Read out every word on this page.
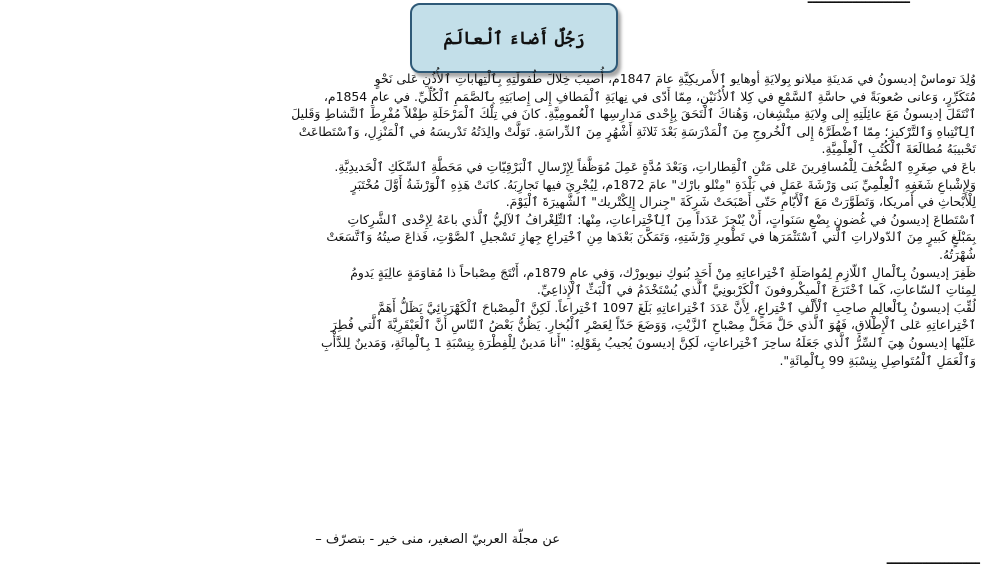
رَجُلٌ أَضاءَ ٱلْعالَمَ
وُلِدَ توماسْ إديسونُ في مَدينَةِ ميلانو بِولايَةِ أوهايو ٱلأَمريكِيَّةِ عامَ 1847م، أُصيبَ خِلالَ طُفولَتِهِ بِٱلْتِهاباتِ ٱلأُذُنِ عَلى نَحْوٍ
مُتَكَرِّرٍ، وَعانى صُعوبَةً في حاسَّةِ ٱلسَّمْعِ في كِلا ٱلأُذُنَيْنِ، مِمّا أَدّى في نِهايَةِ ٱلْمَطافِ إِلى إِصابَتِهِ بِٱلصَّمَمِ ٱلْكُلِّيِّ. في عامِ 1854م،
ٱنْتَقَلَ إديسونُ مَعَ عائِلَتِهِ إِلى وِلايَةِ ميتْشِغان، وَهُناكَ ٱلْتَحَقَ بِإِحْدى مَدارِسِها ٱلْعُمومِيَّةِ. كانَ في تِلْكَ ٱلْمَرْحَلَةِ طِفْلاً مُفْرِطَ ٱلنَّشاطِ وَقَليلَ
ٱلِٱنْتِباهِ وَٱلتَّرْكيزِ؛ مِمّا ٱضْطَرَّهُ إِلى ٱلْخُروجِ مِنَ ٱلْمَدْرَسَةِ بَعْدَ ثَلاثَةِ أَشْهُرٍ مِنَ ٱلدِّراسَةِ. تَوَلَّتْ والِدَتُهُ تَدْريسَهُ في ٱلْمَنْزِلِ، وَٱسْتَطاعَتْ
تَحْبيبَهُ مُطالَعَةَ ٱلْكُتُبِ ٱلْعِلْمِيَّةِ.
باعَ في صِغَرِهِ ٱلصُّحُفَ لِلْمُسافِرينَ عَلى مَتْنِ ٱلْقِطاراتِ، وَبَعْدَ مُدَّةٍ عَمِلَ مُوَظَّفاً لِإِرْسالِ ٱلْبَرْقِيّاتِ في مَحَطَّةِ ٱلسِّكَكِ ٱلْحَديدِيَّةِ.
وَلِإِشْباعِ شَغَفِهِ ٱلْعِلْمِيِّ بَنى وَرْشَةَ عَمَلٍ في بَلْدَةِ "مِنْلو بارْك" عامَ 1872م، لِيُجْرِيَ فيها تَجارِبَهُ. كانَتْ هَذِهِ ٱلْوَرْشَةُ أَوَّلَ مُخْتَبَرٍ
لِلْأَبْحاثِ في أَمريكا، وَتَطَوَّرَتْ مَعَ ٱلْأَيّامِ حَتّى أَصْبَحَتْ شَرِكَةَ "جِنرال إِلِكْتْريك" ٱلشَّهيرَةَ ٱلْيَوْمَ.
ٱسْتَطاعَ إديسونُ في غُضونِ بِضْعِ سَنَواتٍ، أَنْ يُنْجِزَ عَدَداً مِنَ ٱلِٱخْتِراعاتِ، مِنْها: ٱلتِّلِغْرافُ ٱلآلِيُّ ٱلَّذي باعَهُ لِإِحْدى ٱلشَّرِكاتِ
بِمَبْلَغٍ كَبيرٍ مِنَ ٱلدّولاراتِ ٱلَّتي ٱسْتَثْمَرَها في تَطْويرِ وَرْشَتِهِ، وَتَمَكَّنَ بَعْدَها مِنِ ٱخْتِراعِ جِهازِ تَسْجيلِ ٱلصَّوْتِ، فَذاعَ صيتُهُ وَٱتَّسَعَتْ
شُهْرَتُهُ.
ظَفِرَ إديسونُ بِٱلْمالِ ٱللّازِمِ لِمُواصَلَةِ ٱخْتِراعاتِهِ مِنْ أَحَدِ بُنوكِ نيويورْك، وَفي عامِ 1879م، أَنْتَجَ مِصْباحاً ذا مُقاوَمَةٍ عالِيَةٍ يَدومُ
لِمِئاتِ ٱلسّاعاتِ، كَما ٱخْتَرَعَ ٱلْميكْروفونَ ٱلْكَرْبونِيَّ ٱلَّذي يُسْتَخْدَمُ في ٱلْبَثِّ ٱلْإِذاعِيِّ.
لُقِّبَ إديسونُ بِٱلْعالِمِ صاحِبِ ٱلْأَلْفِ ٱخْتِراعٍ، لِأَنَّ عَدَدَ ٱخْتِراعاتِهِ بَلَغَ 1097 ٱخْتِراعاً. لَكِنَّ ٱلْمِصْباحَ ٱلْكَهْرَبائِيَّ يَظَلُّ أَهَمَّ
ٱخْتِراعاتِهِ عَلى ٱلْإِطْلاقِ، فَهُوَ ٱلَّذي حَلَّ مَحَلَّ مِصْباحِ ٱلزَّيْتِ، وَوَضَعَ حَدّاً لِعَصْرِ ٱلْبُخارِ. يَظُنُّ بَعْضُ ٱلنّاسِ أَنَّ ٱلْعَبْقَرِيَّةَ ٱلَّتي فُطِرَ
عَلَيْها إديسونُ هِيَ ٱلسِّرُّ ٱلَّذي جَعَلَهُ ساحِرَ ٱخْتِراعاتٍ، لَكِنَّ إديسونَ يُجيبُ بِقَوْلِهِ: "أَنا مَدينٌ لِلْفِطْرَةِ بِنِسْبَةِ 1 بِٱلْمِائَةِ، وَمَدينٌ لِلدَّأْبِ
وَٱلْعَمَلِ ٱلْمُتَواصِلِ بِنِسْبَةِ 99 بِٱلْمِائَةِ".
عن مجلّة العربيّ الصغير، منى خير - بتصرّف –
ـــــــــــــــــــــ
